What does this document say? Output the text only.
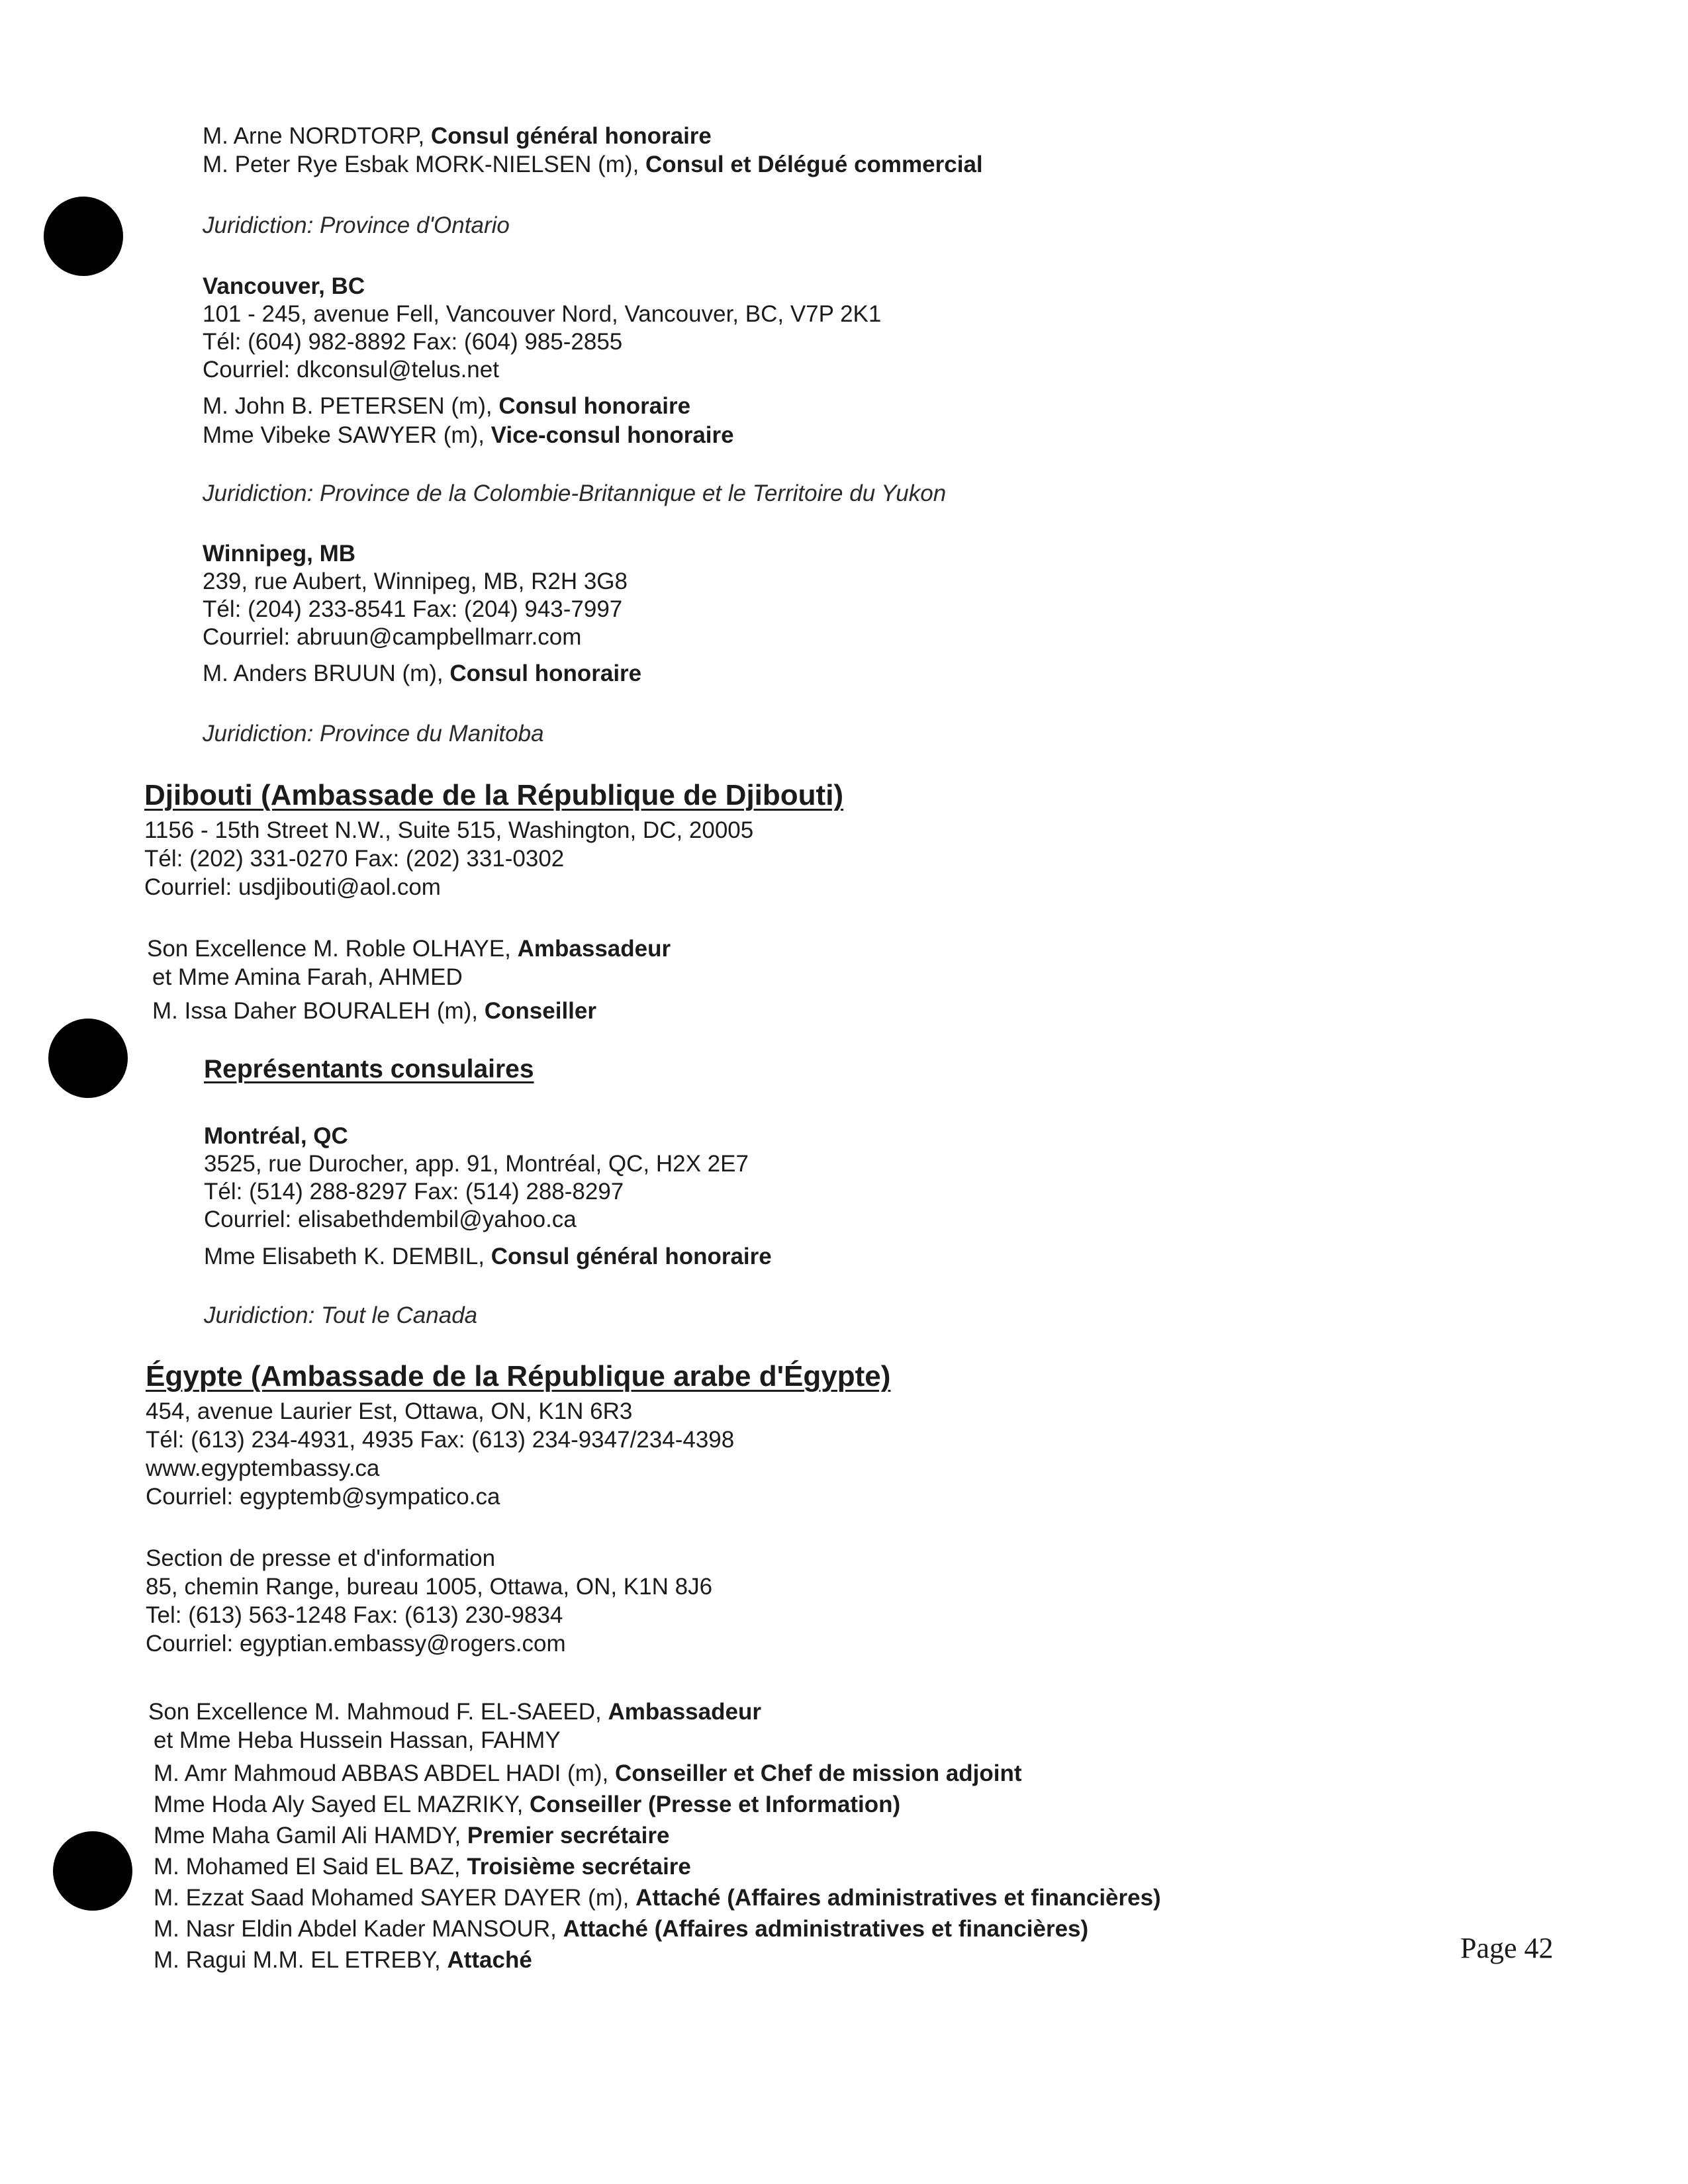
M. Arne NORDTORP, Consul général honoraire
M. Peter Rye Esbak MORK-NIELSEN (m), Consul et Délégué commercial
Juridiction: Province d'Ontario
Vancouver, BC
101 - 245, avenue Fell, Vancouver Nord, Vancouver, BC, V7P 2K1
Tél: (604) 982-8892 Fax: (604) 985-2855
Courriel: dkconsul@telus.net
M. John B. PETERSEN (m), Consul honoraire
Mme Vibeke SAWYER (m), Vice-consul honoraire
Juridiction: Province de la Colombie-Britannique et le Territoire du Yukon
Winnipeg, MB
239, rue Aubert, Winnipeg, MB, R2H 3G8
Tél: (204) 233-8541 Fax: (204) 943-7997
Courriel: abruun@campbellmarr.com
M. Anders BRUUN (m), Consul honoraire
Juridiction: Province du Manitoba
Djibouti (Ambassade de la République de Djibouti)
1156 - 15th Street N.W., Suite 515, Washington, DC, 20005
Tél: (202) 331-0270 Fax: (202) 331-0302
Courriel: usdjibouti@aol.com
Son Excellence M. Roble OLHAYE, Ambassadeur
et Mme Amina Farah, AHMED
M. Issa Daher BOURALEH (m), Conseiller
Représentants consulaires
Montréal, QC
3525, rue Durocher, app. 91, Montréal, QC, H2X 2E7
Tél: (514) 288-8297 Fax: (514) 288-8297
Courriel: elisabethdembil@yahoo.ca
Mme Elisabeth K. DEMBIL, Consul général honoraire
Juridiction: Tout le Canada
Égypte (Ambassade de la République arabe d'Égypte)
454, avenue Laurier Est, Ottawa, ON, K1N 6R3
Tél: (613) 234-4931, 4935 Fax: (613) 234-9347/234-4398
www.egyptembassy.ca
Courriel: egyptemb@sympatico.ca
Section de presse et d'information
85, chemin Range, bureau 1005, Ottawa, ON, K1N 8J6
Tel: (613) 563-1248 Fax: (613) 230-9834
Courriel: egyptian.embassy@rogers.com
Son Excellence M. Mahmoud F. EL-SAEED, Ambassadeur
et Mme Heba Hussein Hassan, FAHMY
M. Amr Mahmoud ABBAS ABDEL HADI (m), Conseiller et Chef de mission adjoint
Mme Hoda Aly Sayed EL MAZRIKY, Conseiller (Presse et Information)
Mme Maha Gamil Ali HAMDY, Premier secrétaire
M. Mohamed El Said EL BAZ, Troisième secrétaire
M. Ezzat Saad Mohamed SAYER DAYER (m), Attaché (Affaires administratives et financières)
M. Nasr Eldin Abdel Kader MANSOUR, Attaché (Affaires administratives et financières)
M. Ragui M.M. EL ETREBY, Attaché	Page 42
